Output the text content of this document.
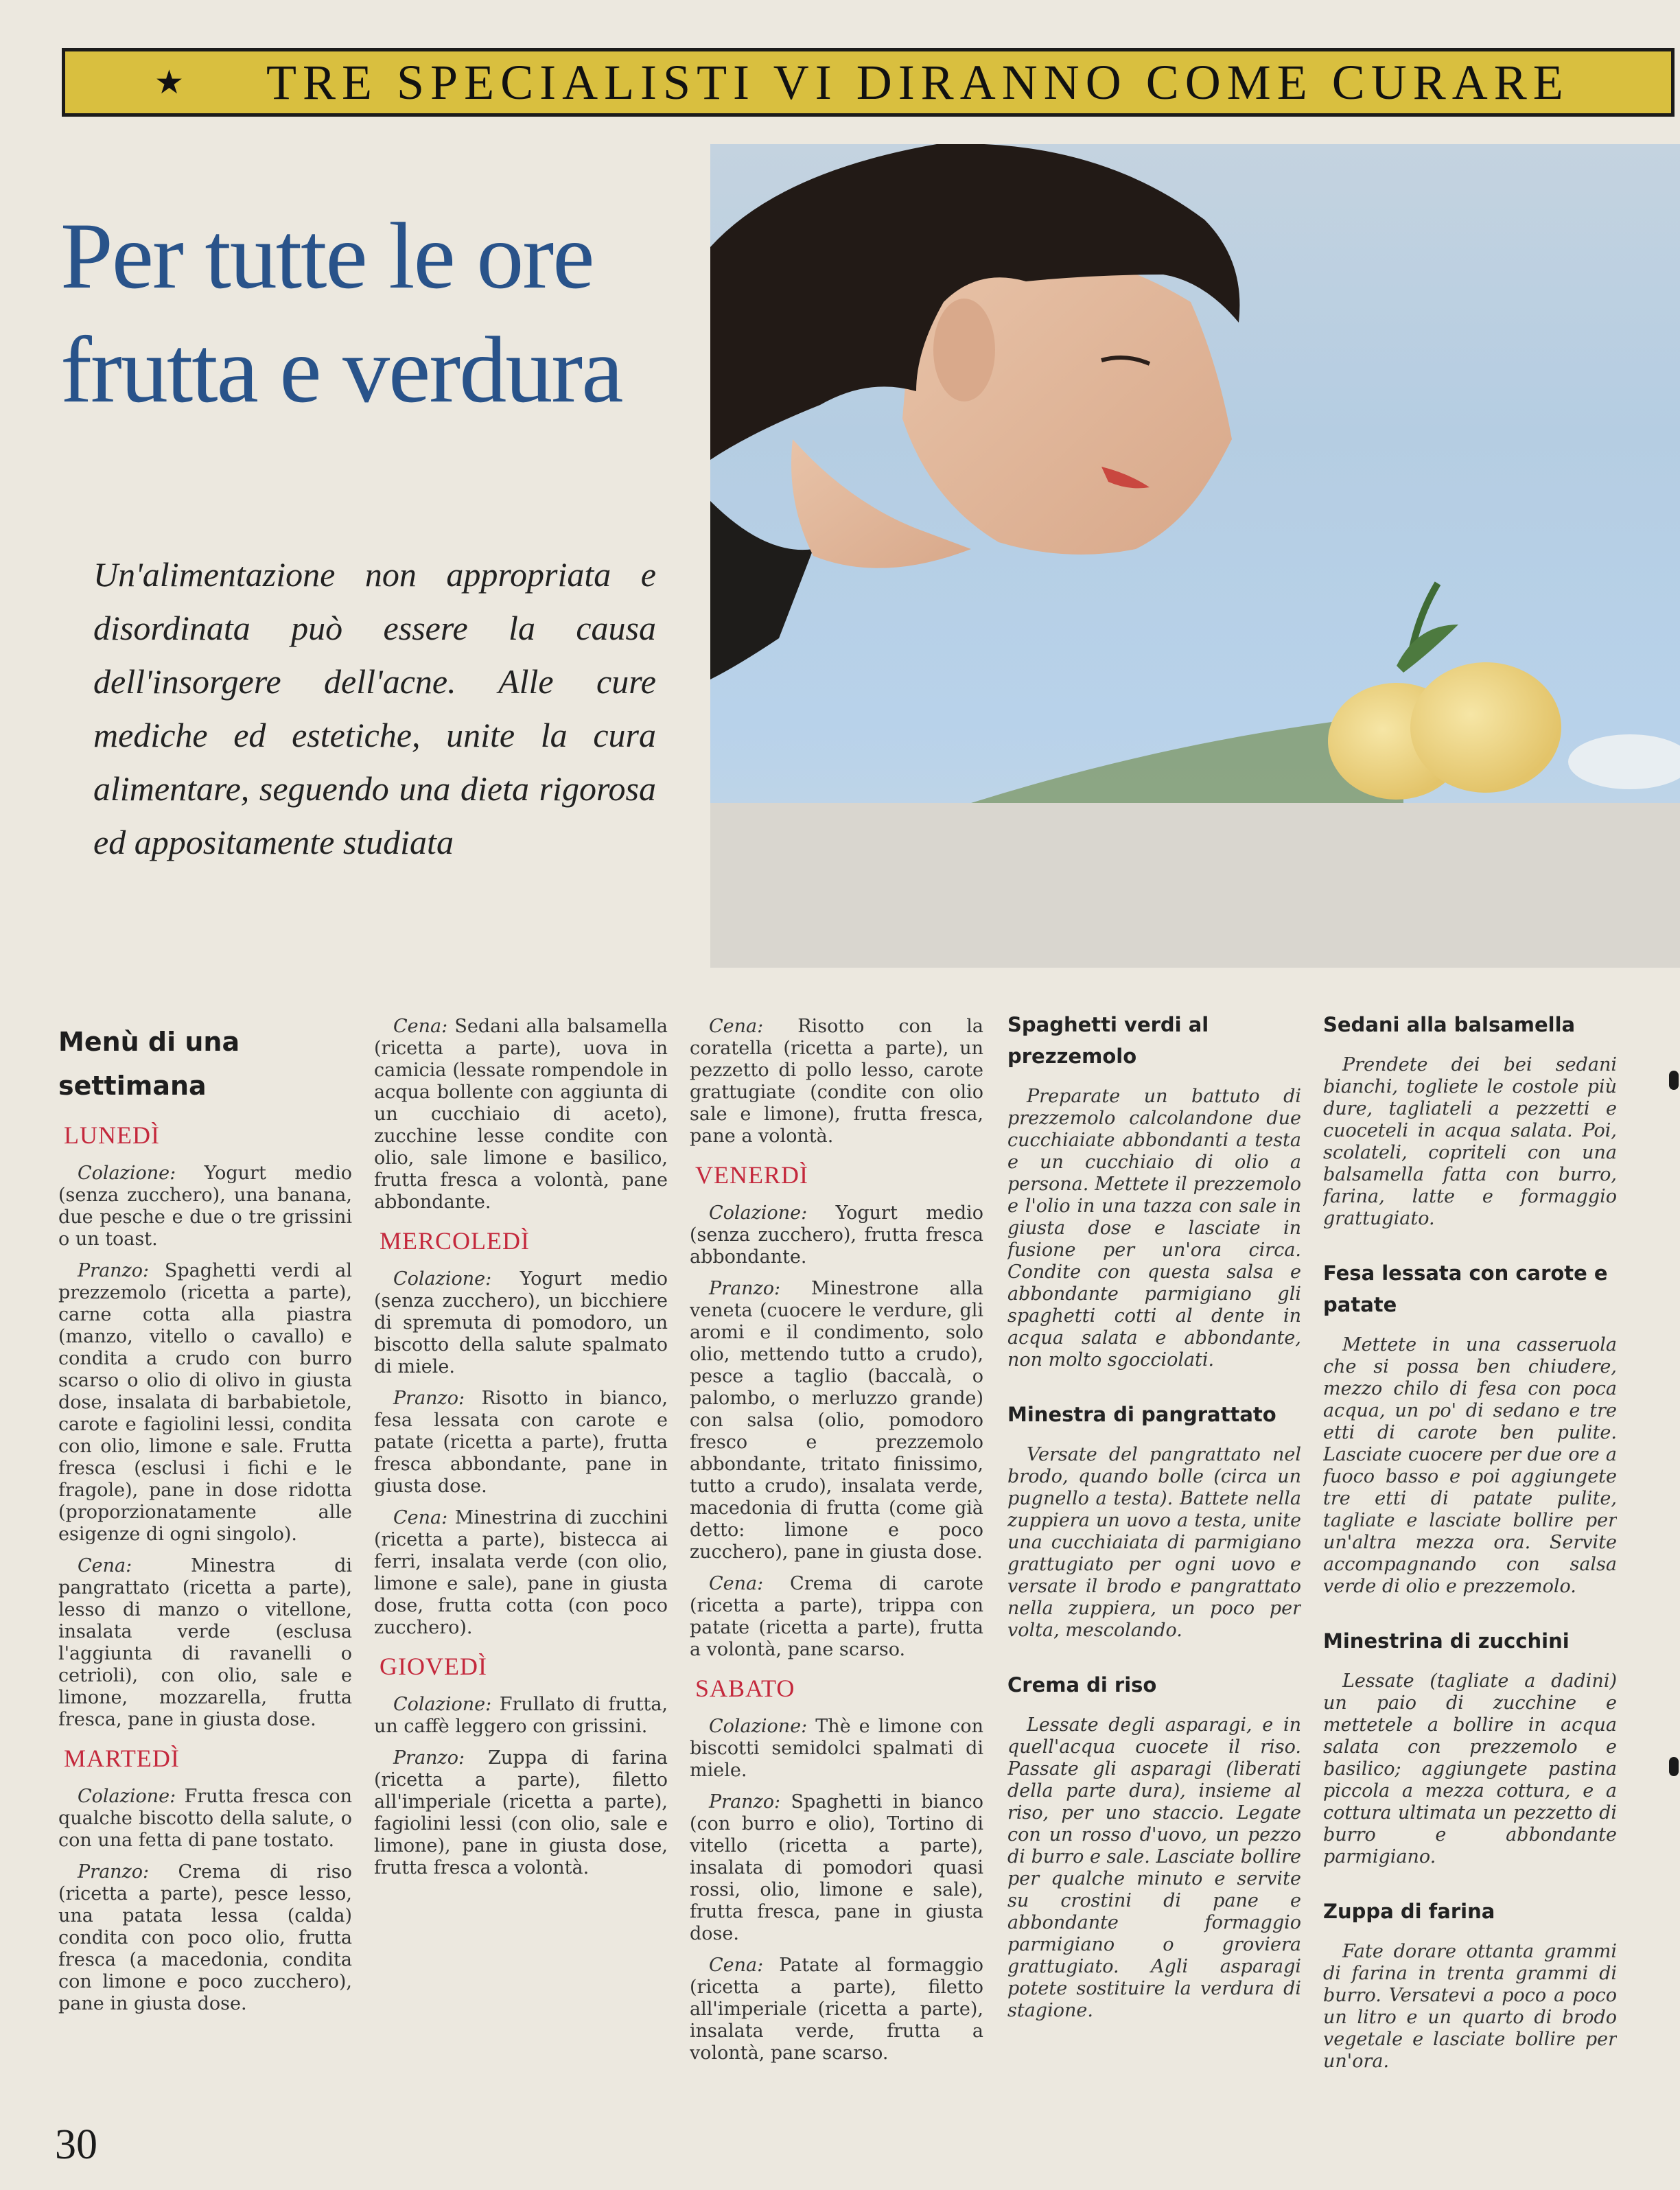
★ TRE SPECIALISTI VI DIRANNO COME CURARE
Per tutte le ore
frutta e verdura

Un'alimentazione non appropriata e disordinata può essere la causa dell'insorgere dell'acne. Alle cure mediche ed estetiche, unite la cura alimentare, seguendo una dieta rigorosa ed appositamente studiata

Menù di una settimana
LUNEDÌ

Colazione: Yogurt medio (senza zucchero), una banana, due pesche e due o tre grissini o un toast.

Pranzo: Spaghetti verdi al prezzemolo (ricetta a parte), carne cotta alla piastra (manzo, vitello o cavallo) e condita a crudo con burro scarso o olio di olivo in giusta dose, insalata di barbabietole, carote e fagiolini lessi, condita con olio, limone e sale. Frutta fresca (esclusi i fichi e le fragole), pane in dose ridotta (proporzionatamente alle esigenze di ogni singolo).

Cena: Minestra di pangrattato (ricetta a parte), lesso di manzo o vitellone, insalata verde (esclusa l'aggiunta di ravanelli o cetrioli), con olio, sale e limone, mozzarella, frutta fresca, pane in giusta dose.

MARTEDÌ

Colazione: Frutta fresca con qualche biscotto della salute, o con una fetta di pane tostato.

Pranzo: Crema di riso (ricetta a parte), pesce lesso, una patata lessa (calda) condita con poco olio, frutta fresca (a macedonia, condita con limone e poco zucchero), pane in giusta dose.

Cena: Sedani alla balsamella (ricetta a parte), uova in camicia (lessate rompendole in acqua bollente con aggiunta di un cucchiaio di aceto), zucchine lesse condite con olio, sale limone e basilico, frutta fresca a volontà, pane abbondante.

MERCOLEDÌ

Colazione: Yogurt medio (senza zucchero), un bicchiere di spremuta di pomodoro, un biscotto della salute spalmato di miele.

Pranzo: Risotto in bianco, fesa lessata con carote e patate (ricetta a parte), frutta fresca abbondante, pane in giusta dose.

Cena: Minestrina di zucchini (ricetta a parte), bistecca ai ferri, insalata verde (con olio, limone e sale), pane in giusta dose, frutta cotta (con poco zucchero).

GIOVEDÌ

Colazione: Frullato di frutta, un caffè leggero con grissini.

Pranzo: Zuppa di farina (ricetta a parte), filetto all'imperiale (ricetta a parte), fagiolini lessi (con olio, sale e limone), pane in giusta dose, frutta fresca a volontà.

Cena: Risotto con la coratella (ricetta a parte), un pezzetto di pollo lesso, carote grattugiate (condite con olio sale e limone), frutta fresca, pane a volontà.

VENERDÌ

Colazione: Yogurt medio (senza zucchero), frutta fresca abbondante.

Pranzo: Minestrone alla veneta (cuocere le verdure, gli aromi e il condimento, solo olio, mettendo tutto a crudo), pesce a taglio (baccalà, o palombo, o merluzzo grande) con salsa (olio, pomodoro fresco e prezzemolo abbondante, tritato finissimo, tutto a crudo), insalata verde, macedonia di frutta (come già detto: limone e poco zucchero), pane in giusta dose.

Cena: Crema di carote (ricetta a parte), trippa con patate (ricetta a parte), frutta a volontà, pane scarso.

SABATO

Colazione: Thè e limone con biscotti semidolci spalmati di miele.

Pranzo: Spaghetti in bianco (con burro e olio), Tortino di vitello (ricetta a parte), insalata di pomodori quasi rossi, olio, limone e sale), frutta fresca, pane in giusta dose.

Cena: Patate al formaggio (ricetta a parte), filetto all'imperiale (ricetta a parte), insalata verde, frutta a volontà, pane scarso.

Spaghetti verdi al prezzemolo

Preparate un battuto di prezzemolo calcolandone due cucchiaiate abbondanti a testa e un cucchiaio di olio a persona. Mettete il prezzemolo e l'olio in una tazza con sale in giusta dose e lasciate in fusione per un'ora circa. Condite con questa salsa e abbondante parmigiano gli spaghetti cotti al dente in acqua salata e abbondante, non molto sgocciolati.

Minestra di pangrattato

Versate del pangrattato nel brodo, quando bolle (circa un pugnello a testa). Battete nella zuppiera un uovo a testa, unite una cucchiaiata di parmigiano grattugiato per ogni uovo e versate il brodo e pangrattato nella zuppiera, un poco per volta, mescolando.

Crema di riso

Lessate degli asparagi, e in quell'acqua cuocete il riso. Passate gli asparagi (liberati della parte dura), insieme al riso, per uno staccio. Legate con un rosso d'uovo, un pezzo di burro e sale. Lasciate bollire per qualche minuto e servite su crostini di pane e abbondante formaggio parmigiano o groviera grattugiato. Agli asparagi potete sostituire la verdura di stagione.

Sedani alla balsamella

Prendete dei bei sedani bianchi, togliete le costole più dure, tagliateli a pezzetti e cuoceteli in acqua salata. Poi, scolateli, copriteli con una balsamella fatta con burro, farina, latte e formaggio grattugiato.

Fesa lessata con carote e patate

Mettete in una casseruola che si possa ben chiudere, mezzo chilo di fesa con poca acqua, un po' di sedano e tre etti di carote ben pulite. Lasciate cuocere per due ore a fuoco basso e poi aggiungete tre etti di patate pulite, tagliate e lasciate bollire per un'altra mezza ora. Servite accompagnando con salsa verde di olio e prezzemolo.

Minestrina di zucchini

Lessate (tagliate a dadini) un paio di zucchine e mettetele a bollire in acqua salata con prezzemolo e basilico; aggiungete pastina piccola a mezza cottura, e a cottura ultimata un pezzetto di burro e abbondante parmigiano.

Zuppa di farina

Fate dorare ottanta grammi di farina in trenta grammi di burro. Versatevi a poco a poco un litro e un quarto di brodo vegetale e lasciate bollire per un'ora.

30
